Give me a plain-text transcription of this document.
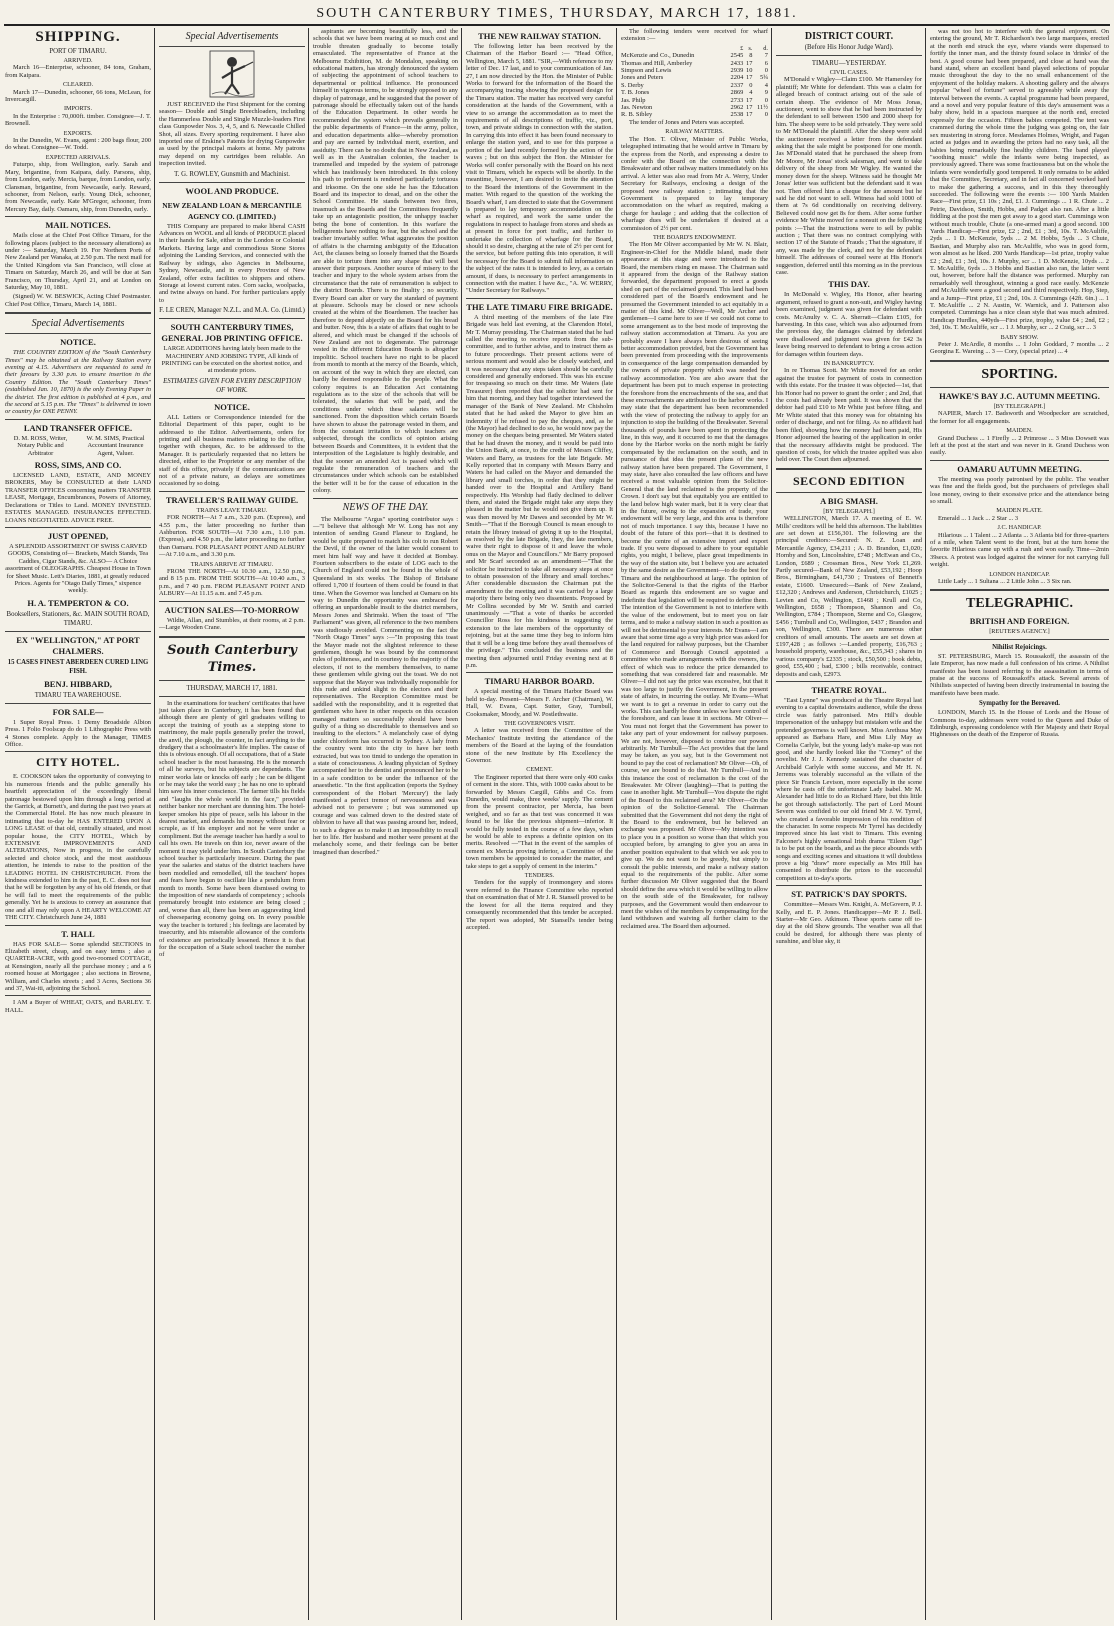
SOUTH CANTERBURY TIMES, THURSDAY, MARCH 17, 1881.
SHIPPING.
PORT OF TIMARU.
ARRIVED.
March 16—Enterprise, schooner, 84 tons, Graham, from Kaipara.
CLEARED.
March 17—Dunedin, schooner, 66 tons, McLean, for Invercargill.
IMPORTS.
In the Enterprise : 70,000ft. timber. Consignee—J. T. Brownell.
EXPORTS.
In the Dunedin, W. Evans, agent : 200 bags flour, 200 do wheat. Consignee—W. Todd.
EXPECTED ARRIVALS.
Futurpo, ship, from Wellington, early. Sarah and Mary, brigantine, from Kaipara, daily. Parsons, ship, from London, early. Mercia, barque, from London, early. Clansman, brigantine, from Newcastle, early. Reward, schooner, from Nelson, early. Young Dick, schooner, from Newcastle, early. Kate M'Gregor, schooner, from Mercury Bay, daily. Oamaru, ship, from Dunedin, early.
MAIL NOTICES.
Mails close at the Chief Post Office Timaru, for the following places (subject to the necessary alterations) as under :— Saturday, March 19. For Northern Ports of New Zealand per Wanaka, at 2.50 p.m. The next mail for the United Kingdom via San Francisco, will close at Timaru on Saturday, March 26, and will be due at San Francisco, on Thursday, April 21, and at London on Saturday, May 10, 1881.
(Signed) W. W. BESWICK, Acting Chief Postmaster. Chief Post Office, Timaru, March 14, 1881.
Special Advertisements
NOTICE.
THE COUNTRY EDITION of the "South Canterbury Times" may be obtained at the Railway Station every evening at 4.15. Advertisers are requested to send in their favours by 3.30 p.m. to ensure insertion in the Country Edition. The "South Canterbury Times" (established Jan. 10, 1870) is the only Evening Paper in the district. The first edition is published at 4 p.m., and the second at 5.15 p.m. The "Times" is delivered in town or country for ONE PENNY.
LAND TRANSFER OFFICE.
D. M. ROSS, Writer, Notary Public and Arbitrator
W. M. SIMS, Practical Accountant Insurance Agent, Valuer.
ROSS, SIMS, AND CO.
LICENSED LAND, ESTATE, AND MONEY BROKERS, May be CONSULTED at their LAND TRANSFER OFFICES concerning matters TRANSFER LEASE, Mortgage, Encumbrances, Powers of Attorney, Declarations or Titles to Land. MONEY INVESTED. ESTATES MANAGED. INSURANCES EFFECTED. LOANS NEGOTIATED. ADVICE FREE.
JUST OPENED,
A SPLENDID ASSORTMENT OF SWISS CARVED GOODS, Consisting of— Brackets, Match Stands, Tea Caddies, Cigar Stands, &c. ALSO— A Choice assortment of OLEOGRAPHS. Cheapest House in Town for Sheet Music. Lett's Diaries, 1881, at greatly reduced Prices. Agents for "Otago Daily Times," sixpence weekly.
H. A. TEMPERTON & CO.
Booksellers, Stationers, &c. MAIN SOUTH ROAD, TIMARU.
EX "WELLINGTON," AT PORT CHALMERS.
15 CASES FINEST ABERDEEN CURED LING FISH.
BENJ. HIBBARD,
TIMARU TEA WAREHOUSE.
FOR SALE—
1 Super Royal Press. 1 Demy Broadside Albion Press. 1 Folio Foolscap do do 1 Lithographic Press with 4 Stones complete. Apply to the Manager, TIMES Office.
CITY HOTEL.
E. COOKSON takes the opportunity of conveying to his numerous friends and the public generally his heartfelt appreciation of the exceedingly liberal patronage bestowed upon him through a long period at the Garrick, at Burnett's, and during the past two years at the Commercial Hotel. He has now much pleasure in intimating that to-day he HAS ENTERED UPON A LONG LEASE of that old, centrally situated, and most popular house, the CITY HOTEL, Which by EXTENSIVE IMPROVEMENTS AND ALTERATIONS, Now in progress, in the carefully selected and choice stock, and the most assiduous attention, he intends to raise to the position of the LEADING HOTEL IN CHRISTCHURCH. From the kindness extended to him in the past, E. C. does not fear that he will be forgotten by any of his old friends, or that he will fail to meet the requirements of the public generally. Yet he is anxious to convey an assurance that one and all may rely upon A HEARTY WELCOME AT THE CITY. Christchurch June 24, 1881
T. HALL
HAS FOR SALE— Some splendid SECTIONS in Elizabeth street, cheap, and on easy terms ; also a QUARTER-ACRE, with good two-roomed COTTAGE, at Kensington, nearly all the purchase money ; and a 6 roomed house at Mortgagee ; also sections in Browne, William, and Charles streets ; and 3 Acres, Sections 36 and 37, Wai-iti, adjoining the School.
I AM a Buyer of WHEAT, OATS, and BARLEY. T. HALL.
Special Advertisements
JUST RECEIVED the First Shipment for the coming season— Double and Single Breechloaders, including the Hammerless Double and Single Muzzle-loaders First class Gunpowder Nos. 3, 4, 5, and 6. Newcastle Chilled Shot, all sizes. Every sporting requirement. I have also imported one of Erskine's Patents for drying Gunpowder as used by the principal makers at home. My patrons may depend on my cartridges been reliable. An inspection invited.
T. G. ROWLEY, Gunsmith and Machinist.
WOOL AND PRODUCE.
NEW ZEALAND LOAN & MERCANTILE AGENCY CO. (LIMITED.)
THIS Company are prepared to make liberal CASH Advances on WOOL and all kinds of PRODUCE placed in their hands for Sale, either in the London or Colonial Markets. Having large and commodious Stone Stores adjoining the Landing Services, and connected with the Railway by sidings, also Agencies in Melbourne, Sydney, Newcastle, and in every Province of New Zealand, offer extra facilities to shippers and others. Storage at lowest current rates. Corn sacks, woolpacks, and twine always on hand. For further particulars apply to
F. LE CREN, Manager N.Z.L. and M.A. Co. (Limtd.)
SOUTH CANTERBURY TIMES, GENERAL JOB PRINTING OFFICE.
LARGE ADDITIONS having lately been made to the MACHINERY AND JOBBING TYPE, All kinds of PRINTING can be executed on the shortest notice, and at moderate prices.
ESTIMATES GIVEN FOR EVERY DESCRIPTION OF WORK.
NOTICE.
ALL Letters or Correspondence intended for the Editorial Department of this paper, ought to be addressed to the Editor. Advertisements, orders for printing and all business matters relating to the office, together with cheques, &c. to be addressed to the Manager. It is particularly requested that no letters be directed, either to the Proprietor or any member of the staff of this office, privately if the communications are not of a private nature, as delays are sometimes occasioned by so doing.
TRAVELLER'S RAILWAY GUIDE.
TRAINS LEAVE TIMARU.
FOR NORTH—At 7 a.m., 3.20 p.m. (Express), and 4.55 p.m., the latter proceeding no further than Ashburton. FOR SOUTH—At 7.30 a.m., 1.10 p.m. (Express), and 4.50 p.m., the latter proceeding no further than Oamaru. FOR PLEASANT POINT AND ALBURY—At 7.10 a.m., and 3.30 p.m.
TRAINS ARRIVE AT TIMARU.
FROM THE NORTH—At 10.30 a.m., 12.50 p.m., and 8 15 p.m. FROM THE SOUTH—At 10.40 a.m., 3 p.m., and 7 40 p.m. FROM PLEASANT POINT AND ALBURY—At 11.15 a.m. and 7.45 p.m.
AUCTION SALES—TO-MORROW
Wildie, Allan, and Stumbles, at their rooms, at 2 p.m.—Large Wooden Crane.
South Canterbury Times.
THURSDAY, MARCH 17, 1881.
In the examinations for teachers' certificates that have just taken place in Canterbury, it has been found that although there are plenty of girl graduates willing to accept the training of youth as a stepping stone to matrimony, the male pupils generally prefer the trowel, the anvil, the plough, the counter, in fact anything to the drudgery that a schoolmaster's life implies. The cause of this is obvious enough. Of all occupations, that of a State school teacher is the most harassing. He is the monarch of all he surveys, but his subjects are dependants. The miner works late or knocks off early ; he can be diligent or he may take the world easy ; he has no one to upbraid him save his inner conscience. The farmer tills his fields and "laughs the whole world in the face," provided neither banker nor merchant are dunning him. The hotel-keeper smokes his pipe of peace, sells his labour in the dearest market, and demands his money without fear or scruple, as if his employer and not he were under a compliment. But the average teacher has hardly a soul to call his own. He travels on thin ice, never aware of the moment it may yield under him. In South Canterbury the school teacher is particularly insecure. During the past year the salaries and status of the district teachers have been modelled and remodelled, till the teachers' hopes and fears have begun to oscillate like a pendulum from month to month. Some have been dismissed owing to the imposition of new standards of competency ; schools prematurely brought into existence are being closed ; and, worse than all, there has been an aggravating kind of cheeseparing economy going on. In every possible way the teacher is tortured ; his feelings are lacerated by insecurity, and his miserable allowance of the comforts of existence are periodically lessened. Hence it is that for the occupation of a State school teacher the number of
aspirants are becoming beautifully less, and the schools that we have been rearing at so much cost and trouble threaten gradually to become totally emasculated. The representative of France at the Melbourne Exhibition, M. de Mondalon, speaking on educational matters, has strongly denounced the system of subjecting the appointment of school teachers to departmental or political influence. He pronounced himself in vigorous terms, to be strongly opposed to any display of patronage, and he suggested that the power of patronage should be effectually taken out of the hands of the Education Department. In other words he recommended the system which prevails generally in the public departments of France—in the army, police, and education departments alike—whereby promotion and pay are earned by individual merit, exertion, and assiduity. There can be no doubt that in New Zealand, as well as in the Australian colonies, the teacher is trammelled and impeded by the system of patronage which has insidiously been introduced. In this colony his path to preferment is rendered particularly tortuous and irksome. On the one side he has the Education Board and its inspector to dread, and on the other the School Committee. He stands between two fires, inasmuch as the Boards and the Committees frequently take up an antagonistic position, the unhappy teacher being the bone of contention. In this warfare the belligerents have nothing to fear, but the school and the teacher invariably suffer. What aggravates the position of affairs is the charming ambiguity of the Education Act, the clauses being so loosely framed that the Boards are able to torture them into any shape that will best answer their purposes. Another source of misery to the teacher and injury to the whole system arises from the circumstance that the rate of remuneration is subject to the district Boards. There is no finality ; no security. Every Board can alter or vary the standard of payment at pleasure. Schools may be closed or new schools created at the whim of the Boardsmen. The teacher has therefore to depend abjectly on the Board for his bread and butter. Now, this is a state of affairs that ought to be altered, and which must be changed if the schools of New Zealand are not to degenerate. The patronage vested in the different Education Boards is altogether impolitic. School teachers have no right to be placed from month to month at the mercy of the Boards, which, on account of the way in which they are elected, can hardly be deemed responsible to the people. What the colony requires is an Education Act containing regulations as to the size of the schools that will be tolerated, the salaries that will be paid, and the conditions under which these salaries will be sanctioned. From the disposition which certain Boards have shown to abuse the patronage vested in them, and from the constant irritation to which teachers are subjected, through the conflicts of opinion arising between Boards and Committees, it is evident that the interposition of the Legislature is highly desirable, and that the sooner an amended Act is passed which will regulate the remuneration of teachers and the circumstances under which schools can be established the better will it be for the cause of education in the colony.
NEWS OF THE DAY.
The Melbourne "Argus" sporting contributor says :—"I believe that although Mr W. Long has not any intention of sending Grand Flaneur to England, he would be quite prepared to match his colt to run Robert the Devil, if the owner of the latter would consent to meet him half way and have it decided at Bombay. Fourteen subscribers to the estate of LOG each to the Church of England could not be found in the whole of Queensland in six weeks. The Bishop of Brisbane offered 1,700 if fourteen of them could be found in that time. When the Governor was lunched at Oamaru on his way to Dunedin the opportunity was embraced for offering an unpardonable insult to the district members, Messrs Jones and Shrimski. When the toast of "The Parliament" was given, all reference to the two members was studiously avoided. Commenting on the fact the "North Otago Times" says :—"In proposing this toast the Mayor made not the slightest reference to these gentlemen, though he was bound by the commonest rules of politeness, and in courtesy to the majority of the electors, if not to the members themselves, to name these gentlemen while giving out the toast. We do not suppose that the Mayor was individually responsible for this rude and unkind slight to the electors and their representatives. The Reception Committee must be saddled with the responsibility, and it is regretted that gentlemen who have in other respects on this occasion managed matters so successfully should have been guilty of a thing so discreditable to themselves and so insulting to the electors." A melancholy case of dying under chloroform has occurred in Sydney. A lady from the country went into the city to have her teeth extracted, but was too timid to undergo the operation in a state of consciousness. A leading physician of Sydney accompanied her to the dentist and pronounced her to be in a safe condition to be under the influence of the anaesthetic. "In the first application (reports the Sydney correspondent of the Hobart 'Mercury') the lady manifested a perfect tremor of nervousness and was advised not to persevere ; but was summoned up courage and was calmed down to the desired state of oblivion to have all that was passing around her, indeed, to such a degree as to make it an impossibility to recall her to life. Her husband and mother were present at the melancholy scene, and their feelings can be better imagined than described."
THE NEW RAILWAY STATION.
The following letter has been received by the Chairman of the Harbor Board :— "Head Office, Wellington, March 5, 1881. "SIR,—With reference to my letter of Dec. 17 last, and to your communication of Jan. 27, I am now directed by the Hon. the Minister of Public Works to forward for the information of the Board the accompanying tracing showing the proposed design for the Timaru station. The matter has received very careful consideration at the hands of the Government, with a view to so arrange the accommodation as to meet the requirements of all descriptions of traffic, viz., port, town, and private sidings in connection with the station. In carrying this into effect it has been found necessary to enlarge the station yard, and to use for this purpose a portion of the land recently formed by the action of the waves ; but on this subject the Hon. the Minister for Works will confer personally with the Board on his next visit to Timaru, which he expects will be shortly. In the meantime, however, I am desired to invite the attention to the Board the intentions of the Government in the matter. With regard to the question of the working the Board's wharf, I am directed to state that the Government is prepared to lay temporary accommodation on the wharf as required, and work the same under the regulations in respect to haulage from stores and sheds as at present in force for port traffic, and further to undertake the collection of wharfage for the Board, should it so desire, charging at the rate of 2½ per cent for the service, but before putting this into operation, it will be necessary for the Board to submit full information on the subject of the rates it is intended to levy, as a certain amount, if dues, is necessary to perfect arrangements in connection with the matter. I have &c., "A. W. WERRY, "Under Secretary for Railways."
THE LATE TIMARU FIRE BRIGADE.
A third meeting of the members of the late Fire Brigade was held last evening, at the Clarendon Hotel, Mr T. Murray presiding. The Chairman stated that he had called the meeting to receive reports from the sub-committee, and to further advise, and to instruct them as to future proceedings. Their present actions were of serious moment and would also be closely watched, and it was necessary that any steps taken should be carefully considered and generally endorsed. This was his excuse for trespassing so much on their time. Mr Waters (late Treasurer) then reported that the solicitor had sent for him that morning, and they had together interviewed the manager of the Bank of New Zealand. Mr Chisholm stated that he had asked the Mayor to give him an indemnity if he refused to pay the cheques, and, as he (the Mayor) had declined to do so, he would now pay the money on the cheques being presented. Mr Waters stated that he had drawn the money, and it would be paid into the Union Bank, at once, to the credit of Messrs Cliffey, Waters and Barry, as trustees for the late Brigade. Mr Kelly reported that in company with Messrs Barry and Waters he had called on the Mayor and demanded the library and small torches, in order that they might be handed over to the Hospital and Artillery Band respectively. His Worship had flatly declined to deliver them, and stated the Brigade might take any steps they pleased in the matter but he would not give them up. It was then moved by Mr Dawes and seconded by Mr W. Smith—"That if the Borough Council is mean enough to retain the library instead of giving it up to the Hospital, as resolved by the late Brigade, they, the late members, waive their right to dispose of it and leave the whole onus on the Mayor and Councillors." Mr Barry proposed and Mr Scarf seconded as an amendment—"That the solicitor be instructed to take all necessary steps at once to obtain possession of the library and small torches." After considerable discussion the Chairman put the amendment to the meeting and it was carried by a large majority there being only two dissentients. Proposed by Mr Collins seconded by Mr W. Smith and carried unanimously —"That a vote of thanks be accorded Councillor Ross for his kindness in suggesting the extension to the late members of the opportunity of rejoining, but at the same time they beg to inform him that it will be a long time before they avail themselves of the privilege." This concluded the business and the meeting then adjourned until Friday evening next at 8 p.m.
TIMARU HARBOR BOARD.
A special meeting of the Timaru Harbor Board was held to-day. Present—Messrs F. Archer (Chairman), W. Hall, W. Evans, Capt. Sutter, Gray, Turnbull, Cooksmaker, Moody, and W. Postlethwaite.
THE GOVERNOR'S VISIT.
A letter was received from the Committee of the Mechanics' Institute inviting the attendance of the members of the Board at the laying of the foundation stone of the new Institute by His Excellency the Governor.
CEMENT.
The Engineer reported that there were only 400 casks of cement in the store. This, with 1000 casks about to be forwarded by Messrs Cargill, Gibbs and Co. from Dunedin, would make, three weeks' supply. The cement from the present contractor, per Mercia, has been weighed, and so far as that test was concerned it was found to be like the previous shipment—inferior. It would be fully tested in the course of a few days, when he would be able to express a definite opinion on its merits. Resolved —"That in the event of the samples of cement ex Mercia proving inferior, a Committee of the town members be appointed to consider the matter, and take steps to get a supply of cement in the interim."
TENDERS.
Tenders for the supply of ironmongery and stores were referred to the Finance Committee who reported that on examination that of Mr J. R. Stansell proved to be the lowest for all the items required and they consequently recommended that this tender be accepted. The report was adopted, Mr Stansell's tender being accepted.
The following tenders were received for wharf extension :—
	£	s.	d.
McKenzie and Co., Dunedin	2545	8	7
Thomas and Hill, Amberley	2433	17	6
Simpson and Lewis	2939	10	0
Jones and Peters	2204	17	5¾
S. Derby	2337	0	4
T. B. Jones	2869	4	9
Jas. Philp	2733	17	0
Jas. Newton	2962	17	11½
R. B. Sibley	2538	17	0
The tender of Jones and Peters was accepted.
RAILWAY MATTERS.
The Hon. T. Oliver, Minister of Public Works, telegraphed intimating that he would arrive in Timaru by the express from the North, and expressing a desire to confer with the Board on the connection with the Breakwater and other railway matters immediately on his arrival. A letter was also read from Mr A. Werry, Under Secretary for Railways, enclosing a design of the proposed new railway station ; intimating that the Government is prepared to lay temporary accommodation on the wharf as required, making a charge for haulage ; and adding that the collection of wharfage dues will be undertaken if desired at a commission of 2½ per cent.
THE BOARD'S ENDOWMENT.
The Hon Mr Oliver accompanied by Mr W. N. Blair, Engineer-in-Chief for the Middle Island, made their appearance at this stage and were introduced to the Board, the members rising en masse. The Chairman said it appeared from the design of the Railway station forwarded, the department proposed to erect a goods shed on part of the reclaimed ground. This land had been considered part of the Board's endowment and he presumed the Government intended to act equitably in a matter of this kind. Mr Oliver—Well, Mr Archer and gentlemen—I came here to see if we could not come to some arrangement as to the best mode of improving the railway station accommodation at Timaru. As you are probably aware I have always been desirous of seeing better accommodation provided, but the Government has been prevented from proceeding with the improvements in consequence of the large compensation demanded by the owners of private property which was needed for railway accommodation. You are also aware that the department has been put to much expense in protecting the foreshore from the encroachments of the sea, and that these encroachments are attributed to the harbor works. I may state that the department has been recommended with the view of protecting the railway to apply for an injunction to stop the building of the Breakwater. Several thousands of pounds have been spent in protecting the line, in this way, and it occurred to me that the damages done by the Harbor works on the north might be fairly compensated by the reclamation on the south, and in pursuance of that idea the present plans of the new railway station have been prepared. The Government, I may state, have also consulted the law officers and have received a most valuable opinion from the Solicitor-General that the land reclaimed is the property of the Crown. I don't say but that equitably you are entitled to the land below high water mark, but it is very clear that in the future, owing to the expansion of trade, your endowment will be very large, and this area is therefore not of much importance. I say this, because I have no doubt of the future of this port—that it is destined to become the centre of an extensive import and export trade. If you were disposed to adhere to your equitable rights, you might, I believe, place great impediments in the way of the station site, but I believe you are actuated by the same desire as the Government—to do the best for Timaru and the neighbourhood at large. The opinion of the Solicitor-General is that the rights of the Harbor Board as regards this endowment are so vague and indefinite that legislation will be required to define them. The intention of the Government is not to interfere with the value of the endowment, but to meet you on fair terms, and to make a railway station in such a position as will not be detrimental to your interests. Mr Evans—I am aware that some time ago a very high price was asked for the land required for railway purposes, but the Chamber of Commerce and Borough Council appointed a committee who made arrangements with the owners, the effect of which was to reduce the price demanded to something that was considered fair and reasonable. Mr Oliver—I did not say the price was excessive, but that it was too large to justify the Government, in the present state of affairs, in incurring the outlay. Mr Evans—What we want is to get a revenue in order to carry out the works. This can hardly be done unless we have control of the foreshore, and can lease it in sections. Mr Oliver—You must not forget that the Government has power to take any part of your endowment for railway purposes. We are not, however, disposed to construe our powers arbitrarily. Mr Turnbull—The Act provides that the land may be taken, as you say, but is the Government not bound to pay the cost of reclamation? Mr Oliver—Oh, of course, we are bound to do that. Mr Turnbull—And in this instance the cost of reclamation is the cost of the Breakwater. Mr Oliver (laughing)—That is putting the case in another light. Mr Turnbull—You dispute the right of the Board to this reclaimed area? Mr Oliver—On the opinion of the Solicitor-General. The Chairman submitted that the Government did not deny the right of the Board to the endowment, but he believed an exchange was proposed. Mr Oliver—My intention was to place you in a position so worse than that which you occupied before, by arranging to give you an area in another position equivalent to that which we ask you to give up. We do not want to be greedy, but simply to consult the public interests, and make a railway station equal to the requirements of the public. After some further discussion Mr Oliver suggested that the Board should define the area which it would be willing to allow on the south side of the Breakwater, for railway purposes, and the Government would then endeavour to meet the wishes of the members by compensating for the land withdrawn and waiving all further claim to the reclaimed area. The Board then adjourned.
DISTRICT COURT.
(Before His Honor Judge Ward).
TIMARU—YESTERDAY.
CIVIL CASES.
M'Donald v Wigley—Claim £100. Mr Hamersley for plaintiff; Mr White for defendant. This was a claim for alleged breach of contract arising out of the sale of certain sheep. The evidence of Mr Moss Jonas, auctioneer, went to show that he had been instructed by the defendant to sell between 1500 and 2000 sheep for him. The sheep were to be sold privately. They were sold to Mr M'Donald the plaintiff. After the sheep were sold the auctioneer received a letter from the defendant asking that the sale might be postponed for one month. Jas M'Donald stated that he purchased the sheep from Mr Moore, Mr Jonas' stock salesman, and went to take delivery of the sheep from Mr Wigley. He wanted the money down for the sheep. Witness said he thought Mr Jonas' letter was sufficient but the defendant said it was not. Then offered him a cheque for the amount but he said he did not want to sell. Witness had sold 1000 of them at 7s 6d conditionally on receiving delivery. Believed could now get 8s for them. After some further evidence Mr White moved for a nonsuit on the following points :—That the instructions were to sell by public auction ; That there was no contract complying with section 17 of the Statute of Frauds ; That the signature, if any, was made by the clerk, and not by the defendant himself. The addresses of counsel were at His Honor's suggestion, deferred until this morning as in the previous case.
THIS DAY.
In McDonald v. Wigley, His Honor, after hearing argument, refused to grant a non-suit, and Wigley having been examined, judgment was given for defendant with costs. McAnulty v. C. A. Sherratt—Claim £105, for harvesting. In this case, which was also adjourned from the previous day, the damages claimed by defendant were disallowed and judgment was given for £42 3s leave being reserved to defendant to bring a cross action for damages within fourteen days.
IN BANKRUPTCY.
In re Thomas Scott. Mr White moved for an order against the trustee for payment of costs in connection with this estate. For the trustee it was objected—1st, that his Honor had no power to grant the order ; and 2nd, that the costs had already been paid. It was shown that the debtor had paid £10 to Mr White just before filing, and Mr White stated that this money was for obtaining his order of discharge, and not for filing. As no affidavit had been filed, showing how the money had been paid, His Honor adjourned the hearing of the application in order that the necessary affidavits might be produced. The question of costs, for which the trustee applied was also held over. The Court then adjourned.
SECOND EDITION
A BIG SMASH.
[BY TELEGRAPH.]
WELLINGTON, March 17. A meeting of E. W. Mills' creditors will be held this afternoon. The liabilities are set down at £156,301. The following are the principal creditors:—Secured: N. Z. Loan and Mercantile Agency, £34,211 ; A. D. Brandon, £1,020; Hornby and Son, Lincolnshire, £748 ; McEwan and Co., London, £689 ; Crossman Bros., New York £1,269. Partly secured—Bank of New Zealand, £53,192 ; Hoop Bros., Birmingham, £41,730 ; Trustees of Bennett's estate, £1600. Unsecured:—Bank of New Zealand, £12,320 ; Andrews and Anderson, Christchurch, £1025 ; Levien and Co, Wellington, £1468 ; Krull and Co, Wellington, £658 ; Thompson, Shannon and Co, Wellington, £784 ; Thompson, Sterne and Co, Glasgow, £456 ; Turnbull and Co, Wellington, £437 ; Brandon and son, Wellington, £300. There are numerous other creditors of small amounts. The assets are set down at £197,428 ; as follows :—Landed property, £16,763 ; household property, warehouse, &c., £55,343 ; shares in various company's £2335 ; stock, £50,500 ; book debts, good, £55,400 ; bad, £300 ; bills receivable, contract deposits and cash, £2973.
THEATRE ROYAL.
"East Lynne" was produced at the Theatre Royal last evening to a capital downstairs audience, while the dress circle was fairly patronised. Mrs Hill's double impersonation of the unhappy but mistaken wife and the pretended governess is well known. Miss Arethusa May appeared as Barbara Hare, and Miss Lily May as Cornelia Carlyle, but the young lady's make-up was not good, and she hardly looked like the "Corney" of the novelist. Mr J. J. Kennedy sustained the character of Archibald Carlyle with some success, and Mr H. N. Jerrems was tolerably successful as the villain of the piece Sir Francis Levison, more especially in the scene where he casts off the unfortunate Lady Isabel. Mr M. Alexander had little to do as Richard Hare, but this little he got through satisfactorily. The part of Lord Mount Severn was confided to our old friend Mr J. W. Tyrrel, who created a favorable impression of his rendition of the character. In some respects Mr Tyrrel has decidedly improved since his last visit to Timaru. This evening Falconer's highly sensational Irish drama "Eileen Oge" is to be put on the boards, and as the piece abounds with songs and exciting scenes and situations it will doubtless prove a big "draw" more especially as Mrs Hill has consented to distribute the prizes to the successful competitors at to-day's sports.
ST. PATRICK'S DAY SPORTS.
Committee—Messrs Wm. Knight, A. McGovern, P. J. Kelly, and E. P. Jones. Handicapper—Mr P. J. Bell. Starter—Mr Geo. Atkinson. These sports came off to-day at the old Show grounds. The weather was all that could be desired, for although there was plenty of sunshine, and blue sky, it
was not too hot to interfere with the general enjoyment. On entering the ground, Mr T. Richardson's two large marquees, erected at the north end struck the eye, where viands were dispensed to fortify the inner man, and the thirsty found solace in 'drinks' of the best. A good course had been prepared, and close at hand was the band stand, where an excellent band played selections of popular music throughout the day to the no small enhancement of the enjoyment of the holiday makers. A shooting gallery and the always popular "wheel of fortune" served to agreeably while away the interval between the events. A capital programme had been prepared, and a novel and very popular feature of this day's amusement was a baby show, held in a spacious marquee at the north end, erected expressly for the occasion. Fifteen babies competed. The tent was crammed during the whole time the judging was going on, the fair sex mustering in strong force. Mesdames Holmes, Wright, and Fagan acted as judges and in awarding the prizes had no easy task, all the babies being remarkably fine healthy children. The band played "soothing music" while the infants were being inspected, as previously agreed. There was some fractiousness but on the whole the infants were wonderfully good tempered. It only remains to be added that the Committee, Secretary, and in fact all concerned worked hard to make the gathering a success, and in this they thoroughly succeeded. The following were the events :— 100 Yards Maiden Race—First prize, £1 10s ; 2nd, £1. J. Cummings ... 1 R. Chute ... 2 Petrie, Davidson, Smith, Hobbs, and Padget also ran. After a little fiddling at the post the men got away to a good start. Cummings won without much trouble, Chute (a one-armed man) a good second. 100 Yards Handicap—First prize, £2 ; 2nd, £1 ; 3rd, 10s. T. McAuliffe, 2yds ... 1 D. McKenzie, 5yds ... 2 M. Hobbs, 5yds ... 3 Chute, Bastian, and Murphy also ran. McAuliffe, who was in good form, won almost as he liked. 200 Yards Handicap—1st prize, trophy value £2 ; 2nd, £1 ; 3rd, 10s. J. Murphy, scr ... 1 D. McKenzie, 10yds ... 2 T. McAuliffe, 6yds ... 3 Hobbs and Bastian also ran, the latter went out, however, before half the distance was performed. Murphy ran remarkably well throughout, winning a good race easily. McKenzie and McAuliffe were a good second and third respectively. Hop, Step, and a Jump—First prize, £1 ; 2nd, 10s. J. Cummings (42ft. 6in.) ... 1 T. McAuliffe ... 2 N. Austin, W. Warnick, and J. Patterson also competed. Cummings has a nice clean style that was much admired. Handicap Hurdles, 440yds—First prize, trophy, value £4 ; 2nd, £2 ; 3rd, 10s. T. McAuliffe, scr ... 1 J. Murphy, scr ... 2 Craig, scr ... 3
BABY SHOW.
Peter J. McArdle, 8 months ... 1 John Goddard, 7 months ... 2 Georgina E. Wareing ... 3 — Cory, (special prize) ... 4
SPORTING.
HAWKE'S BAY J.C. AUTUMN MEETING.
[BY TELEGRAPH.]
NAPIER, March 17. Badsworth and Woodpecker are scratched, the former for all engagements.
MAIDEN.
Grand Duchess ... 1 Firefly ... 2 Primrose ... 3 Miss Dowsett was left at the post at the start and was never in it. Grand Duchess won easily.
OAMARU AUTUMN MEETING.
The meeting was poorly patronised by the public. The weather was fine and the fields good, but the purchasers of privileges shall lose money, owing to their excessive price and the attendance being so small.
MAIDEN PLATE.
Emerald ... 1 Jack ... 2 Star ... 3
J.C. HANDICAP.
Hilarious ... 1 Talent ... 2 Atlanta ... 3 Atlanta bid for three-quarters of a mile, when Talent went to the front, but at the turn home the favorite Hilarious came up with a rush and won easily. Time—2min 39secs. A protest was lodged against the winner for not carrying full weight.
LONDON HANDICAP.
Little Lady ... 1 Sultana ... 2 Little John ... 3 Six ran.
TELEGRAPHIC.
BRITISH AND FOREIGN.
[REUTER'S AGENCY.]
Nihilist Rejoicings.
ST. PETERSBURG, March 15. Roussakoff, the assassin of the late Emperor, has now made a full confession of his crime. A Nihilist manifesto has been issued referring to the assassination in terms of praise at the success of Roussakoff's attack. Several arrests of Nihilists suspected of having been directly instrumental in issuing the manifesto have been made.
Sympathy for the Bereaved.
LONDON, March 15. In the House of Lords and the House of Commons to-day, addresses were voted to the Queen and Duke of Edinburgh, expressing condolence with Her Majesty and their Royal Highnesses on the death of the Emperor of Russia.
